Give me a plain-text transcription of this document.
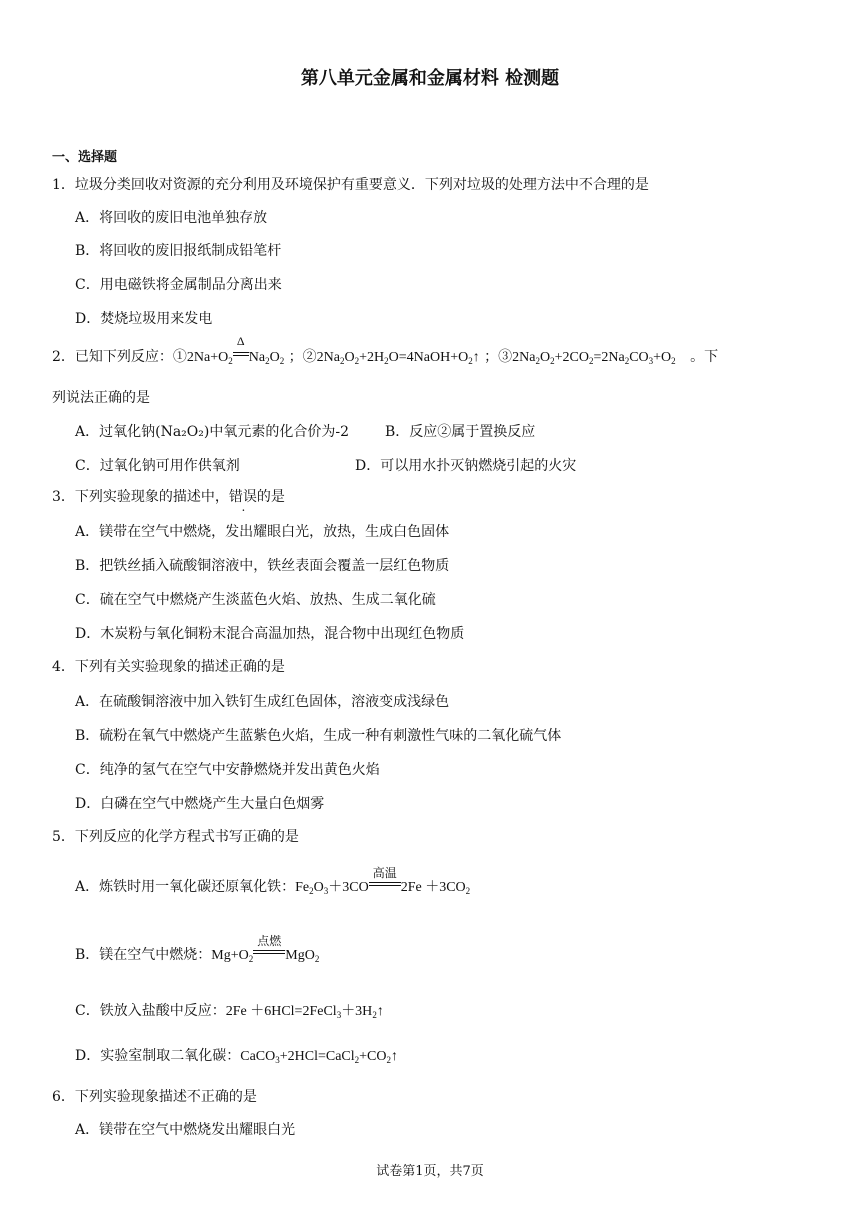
第八单元金属和金属材料 检测题
一、选择题
1．垃圾分类回收对资源的充分利用及环境保护有重要意义．下列对垃圾的处理方法中不合理的是
A．将回收的废旧电池单独存放
B．将回收的废旧报纸制成铅笔杆
C．用电磁铁将金属制品分离出来
D．焚烧垃圾用来发电
2．已知下列反应：$①2Na+O_2$
Δ
$Na_2O_2$ ；$②2Na_2O_2+2H_2O=4NaOH+O_2↑$ ；$③2Na_2O_2+2CO_2=2Na_2CO_3+O_2$ 。下
列说法正确的是
A．过氧化钠(Na₂O₂)中氧元素的化合价为-2	B．反应②属于置换反应
C．过氧化钠可用作供氧剂	D．可以用水扑灭钠燃烧引起的火灾
3．下列实验现象的描述中，错误的是
A．镁带在空气中燃烧，发出耀眼白光，放热，生成白色固体
B．把铁丝插入硫酸铜溶液中，铁丝表面会覆盖一层红色物质
C．硫在空气中燃烧产生淡蓝色火焰、放热、生成二氧化硫
D．木炭粉与氧化铜粉末混合高温加热，混合物中出现红色物质
4．下列有关实验现象的描述正确的是
A．在硫酸铜溶液中加入铁钉生成红色固体，溶液变成浅绿色
B．硫粉在氧气中燃烧产生蓝紫色火焰，生成一种有刺激性气味的二氧化硫气体
C．纯净的氢气在空气中安静燃烧并发出黄色火焰
D．白磷在空气中燃烧产生大量白色烟雾
5．下列反应的化学方程式书写正确的是
A．炼铁时用一氧化碳还原氧化铁：$Fe_2O_3+3CO$
高温
$2Fe +3CO_2$
B．镁在空气中燃烧：$Mg+O_2$
点燃
MgO$_2$
C．铁放入盐酸中反应：$2Fe +6HCl=2FeCl_3+3H_2↑$
D．实验室制取二氧化碳：$CaCO_3+2HCl=CaCl_2+CO_2↑$
6．下列实验现象描述不正确的是
A．镁带在空气中燃烧发出耀眼白光
试卷第1页，共7页
